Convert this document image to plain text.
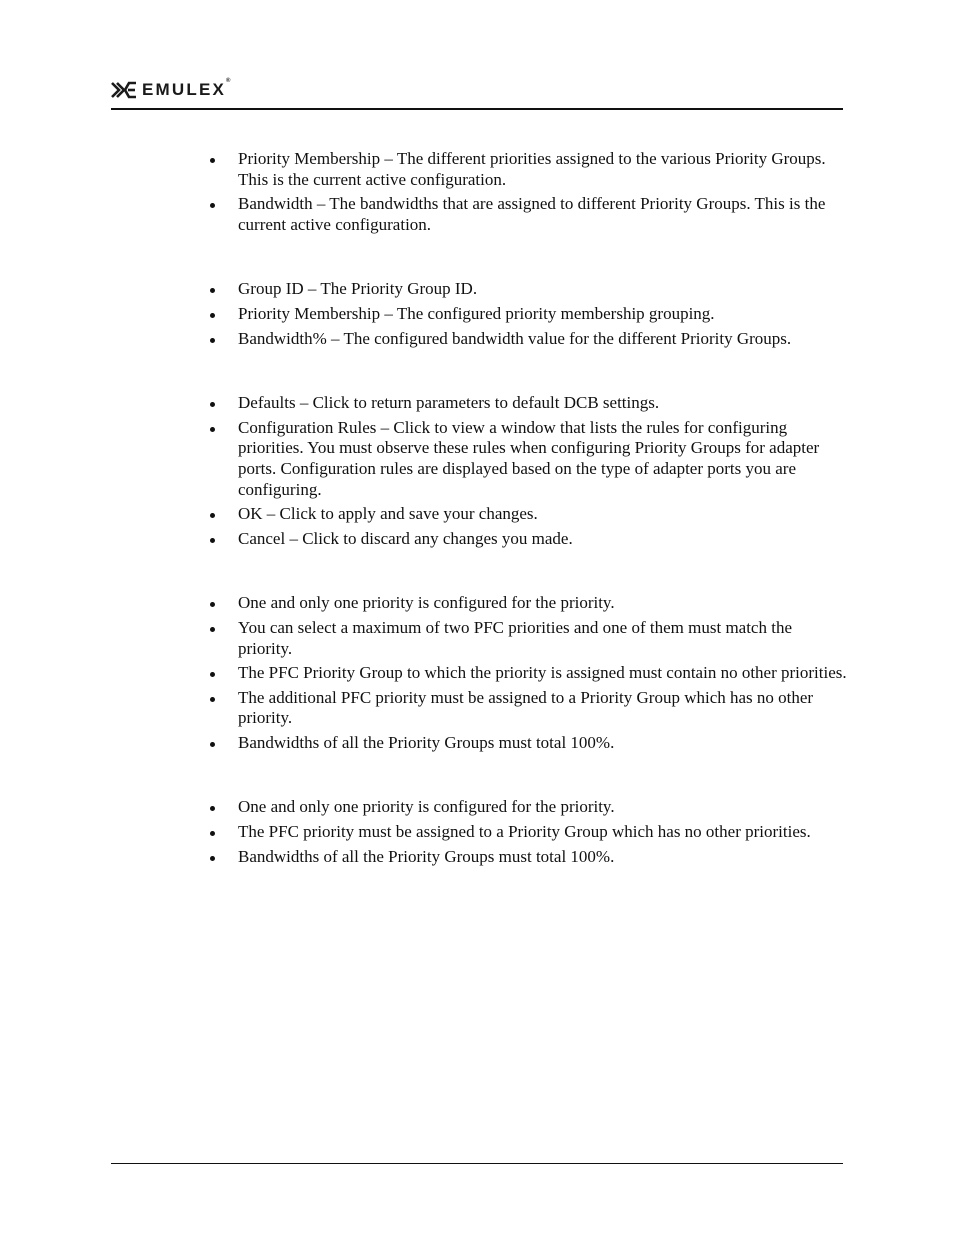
EMULEX®
Priority Membership – The different priorities assigned to the various Priority Groups. This is the current active configuration.
Bandwidth – The bandwidths that are assigned to different Priority Groups. This is the current active configuration.
Group ID – The Priority Group ID.
Priority Membership – The configured priority membership grouping.
Bandwidth% – The configured bandwidth value for the different Priority Groups.
Defaults – Click to return parameters to default DCB settings.
Configuration Rules – Click to view a window that lists the rules for configuring priorities. You must observe these rules when configuring Priority Groups for adapter ports. Configuration rules are displayed based on the type of adapter ports you are configuring.
OK – Click to apply and save your changes.
Cancel – Click to discard any changes you made.
One and only one priority is configured for the priority.
You can select a maximum of two PFC priorities and one of them must match the priority.
The PFC Priority Group to which the priority is assigned must contain no other priorities.
The additional PFC priority must be assigned to a Priority Group which has no other priority.
Bandwidths of all the Priority Groups must total 100%.
One and only one priority is configured for the priority.
The PFC priority must be assigned to a Priority Group which has no other priorities.
Bandwidths of all the Priority Groups must total 100%.
